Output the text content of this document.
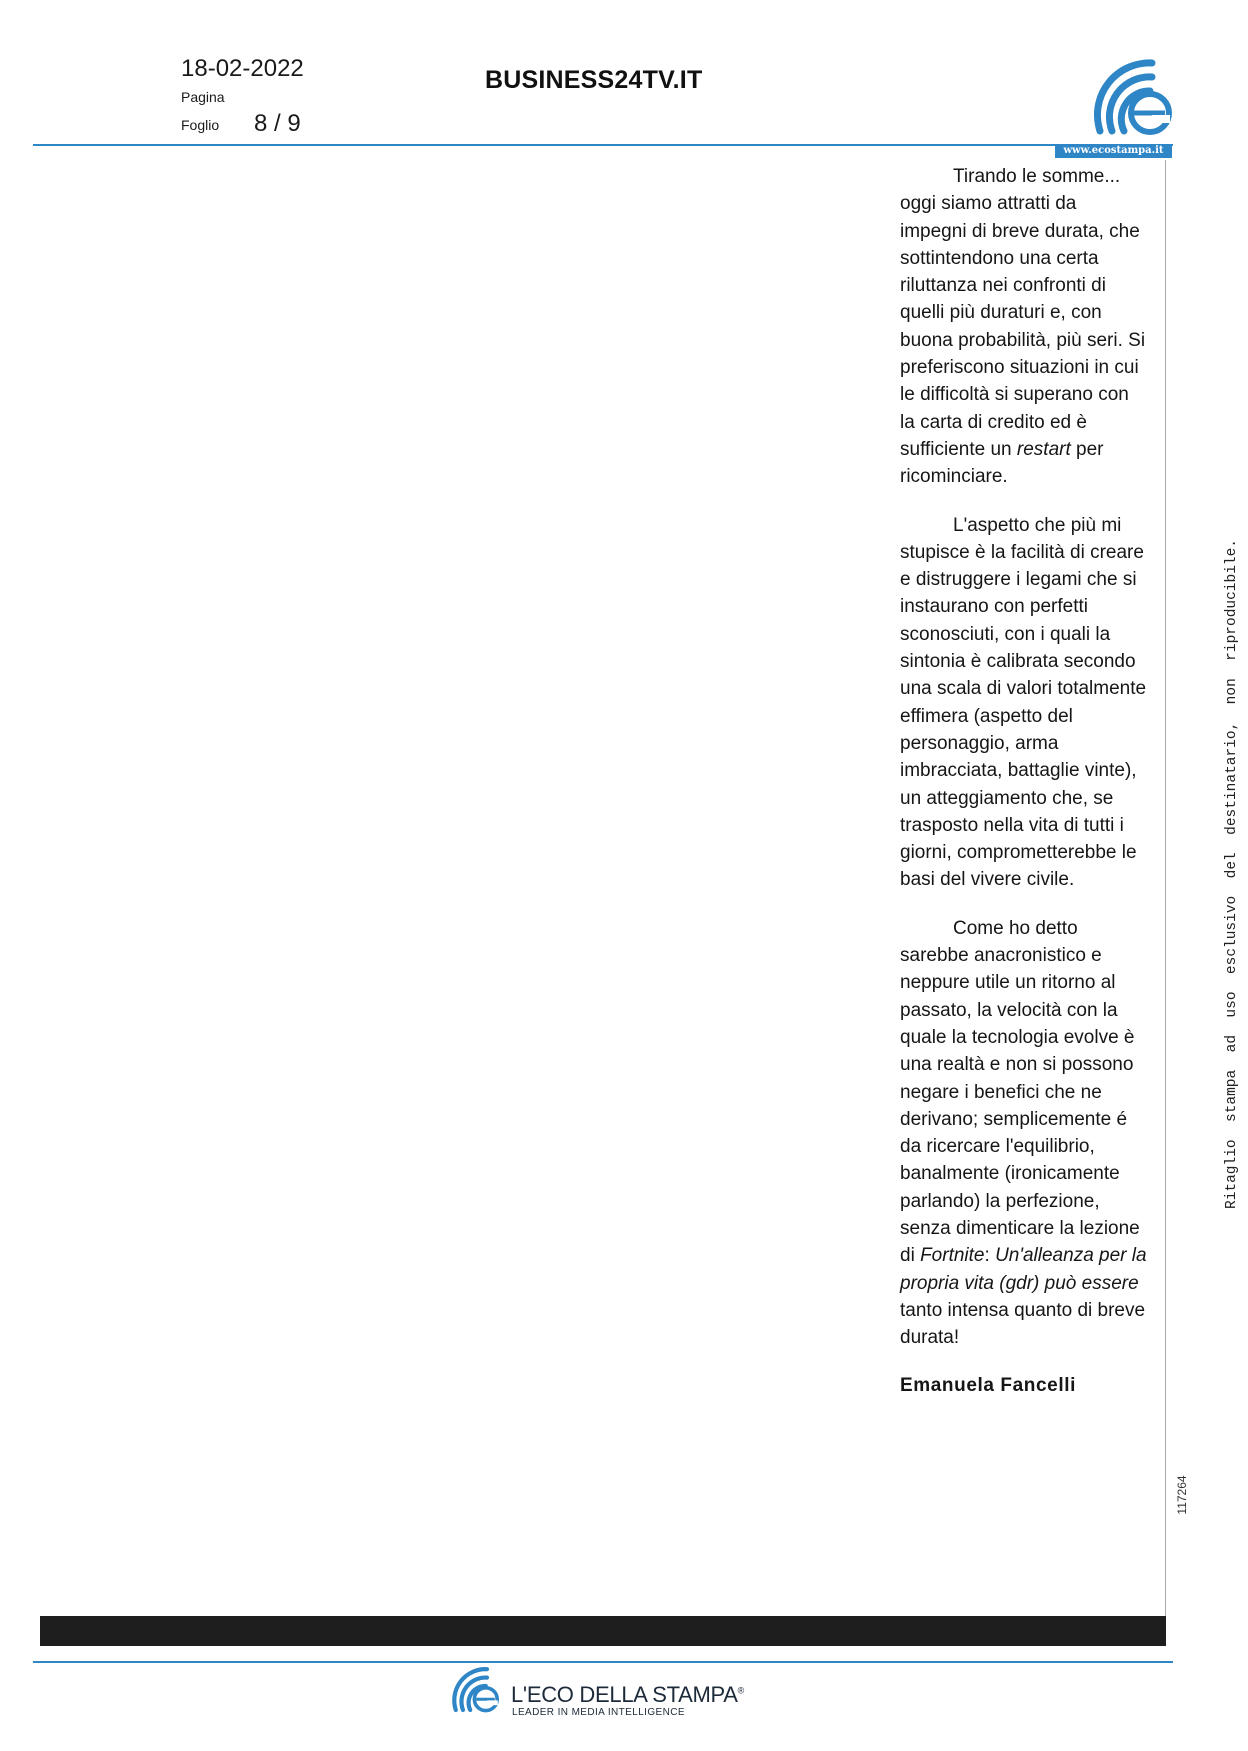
18-02-2022
Pagina
Foglio 8 / 9
BUSINESS24TV.IT
www.ecostampa.it

Tirando le somme... oggi siamo attratti da impegni di breve durata, che sottintendono una certa riluttanza nei confronti di quelli più duraturi e, con buona probabilità, più seri. Si preferiscono situazioni in cui le difficoltà si superano con la carta di credito ed è sufficiente un restart per ricominciare.

L'aspetto che più mi stupisce è la facilità di creare e distruggere i legami che si instaurano con perfetti sconosciuti, con i quali la sintonia è calibrata secondo una scala di valori totalmente effimera (aspetto del personaggio, arma imbracciata, battaglie vinte), un atteggiamento che, se trasposto nella vita di tutti i giorni, comprometterebbe le basi del vivere civile.

Come ho detto sarebbe anacronistico e neppure utile un ritorno al passato, la velocità con la quale la tecnologia evolve è una realtà e non si possono negare i benefici che ne derivano; semplicemente é da ricercare l'equilibrio, banalmente (ironicamente parlando) la perfezione, senza dimenticare la lezione di Fortnite: Un'alleanza per la propria vita (gdr) può essere tanto intensa quanto di breve durata!

Emanuela Fancelli
Ritaglio  stampa  ad  uso  esclusivo  del  destinatario,  non  riproducibile.
117264
L'ECO DELLA STAMPA®
LEADER IN MEDIA INTELLIGENCE
